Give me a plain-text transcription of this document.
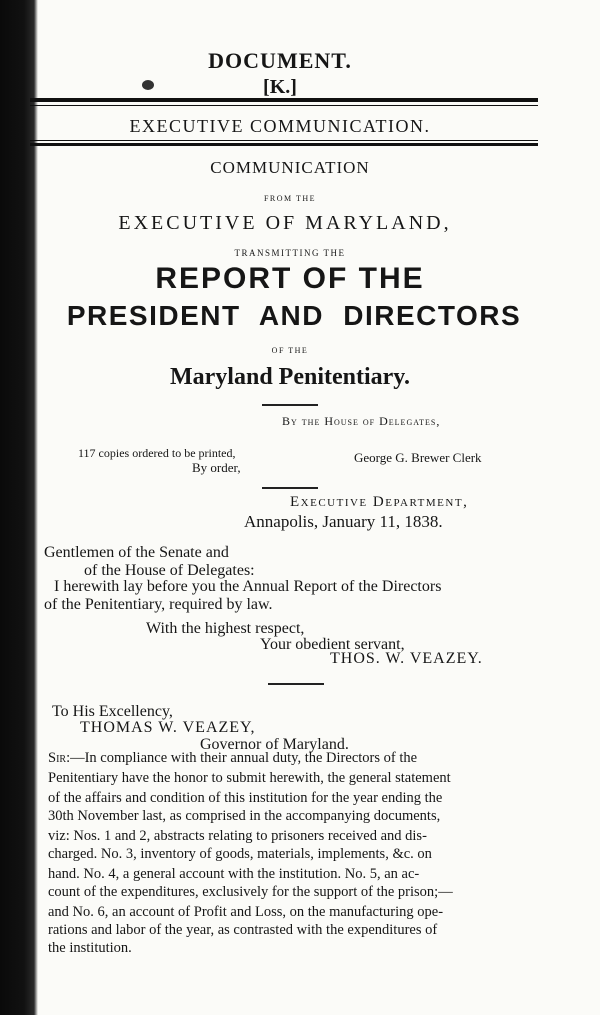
DOCUMENT.
[K.]
EXECUTIVE COMMUNICATION.
COMMUNICATION
FROM THE
EXECUTIVE OF MARYLAND,
TRANSMITTING THE
REPORT OF THE
PRESIDENT AND DIRECTORS
OF THE
Maryland Penitentiary.
By the House of Delegates,
117 copies ordered to be printed,
By order,
George G. Brewer Clerk
Executive Department,
Annapolis, January 11, 1838.
Gentlemen of the Senate and
of the House of Delegates:
I herewith lay before you the Annual Report of the Directors
of the Penitentiary, required by law.
With the highest respect,
Your obedient servant,
THOS. W. VEAZEY.
To His Excellency,
THOMAS W. VEAZEY,
Governor of Maryland.
Sir:—In compliance with their annual duty, the Directors of the
Penitentiary have the honor to submit herewith, the general statement
of the affairs and condition of this institution for the year ending the
30th November last, as comprised in the accompanying documents,
viz: Nos. 1 and 2, abstracts relating to prisoners received and dis-
charged. No. 3, inventory of goods, materials, implements, &c. on
hand. No. 4, a general account with the institution. No. 5, an ac-
count of the expenditures, exclusively for the support of the prison;—
and No. 6, an account of Profit and Loss, on the manufacturing ope-
rations and labor of the year, as contrasted with the expenditures of
the institution.
